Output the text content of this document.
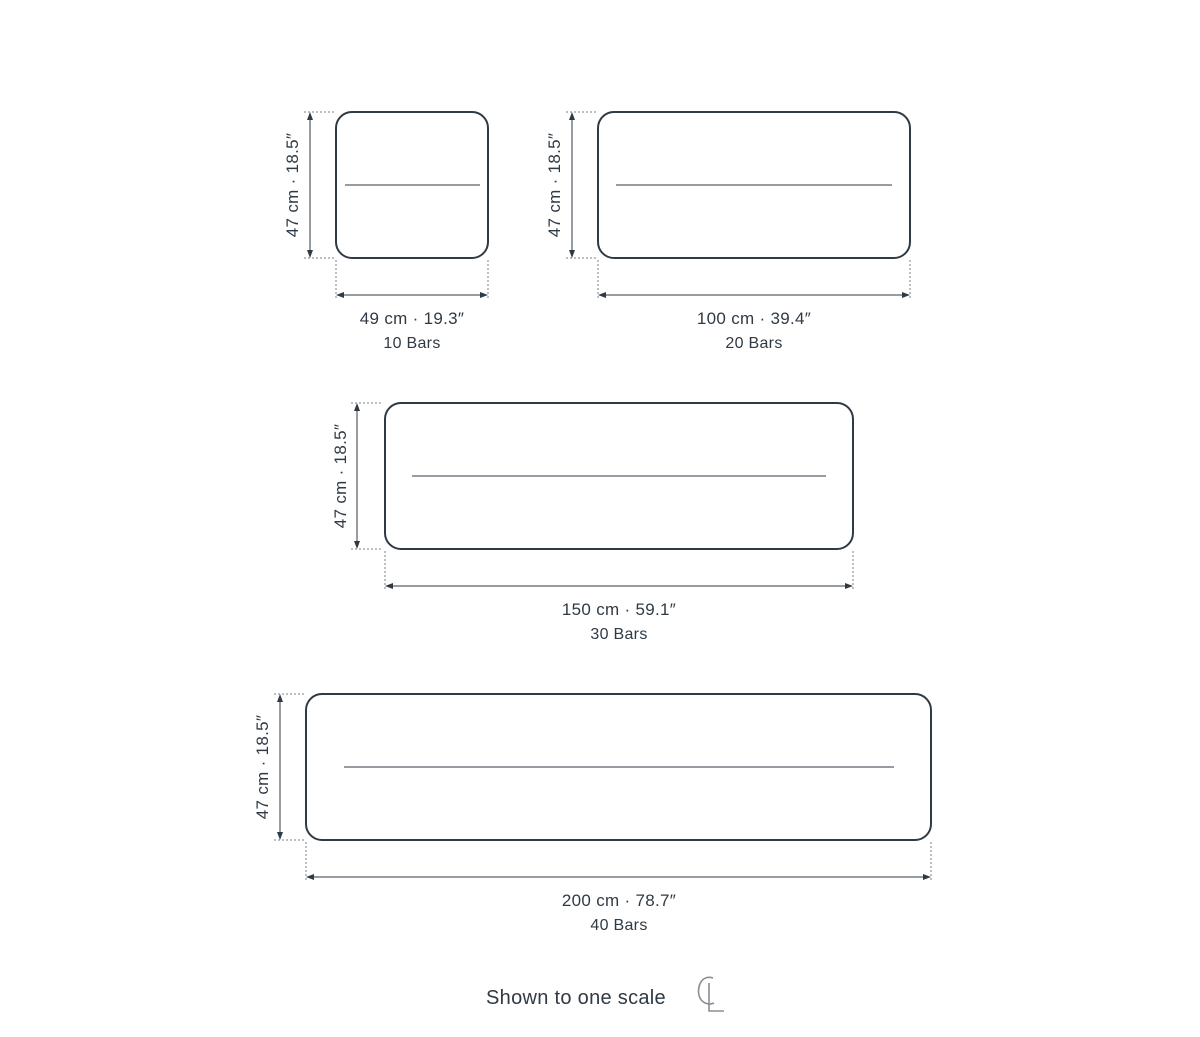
47 cm · 18.5″
49 cm · 19.3″
10 Bars
47 cm · 18.5″
100 cm · 39.4″
20 Bars
47 cm · 18.5″
150 cm · 59.1″
30 Bars
47 cm · 18.5″
200 cm · 78.7″
40 Bars
Shown to one scale
